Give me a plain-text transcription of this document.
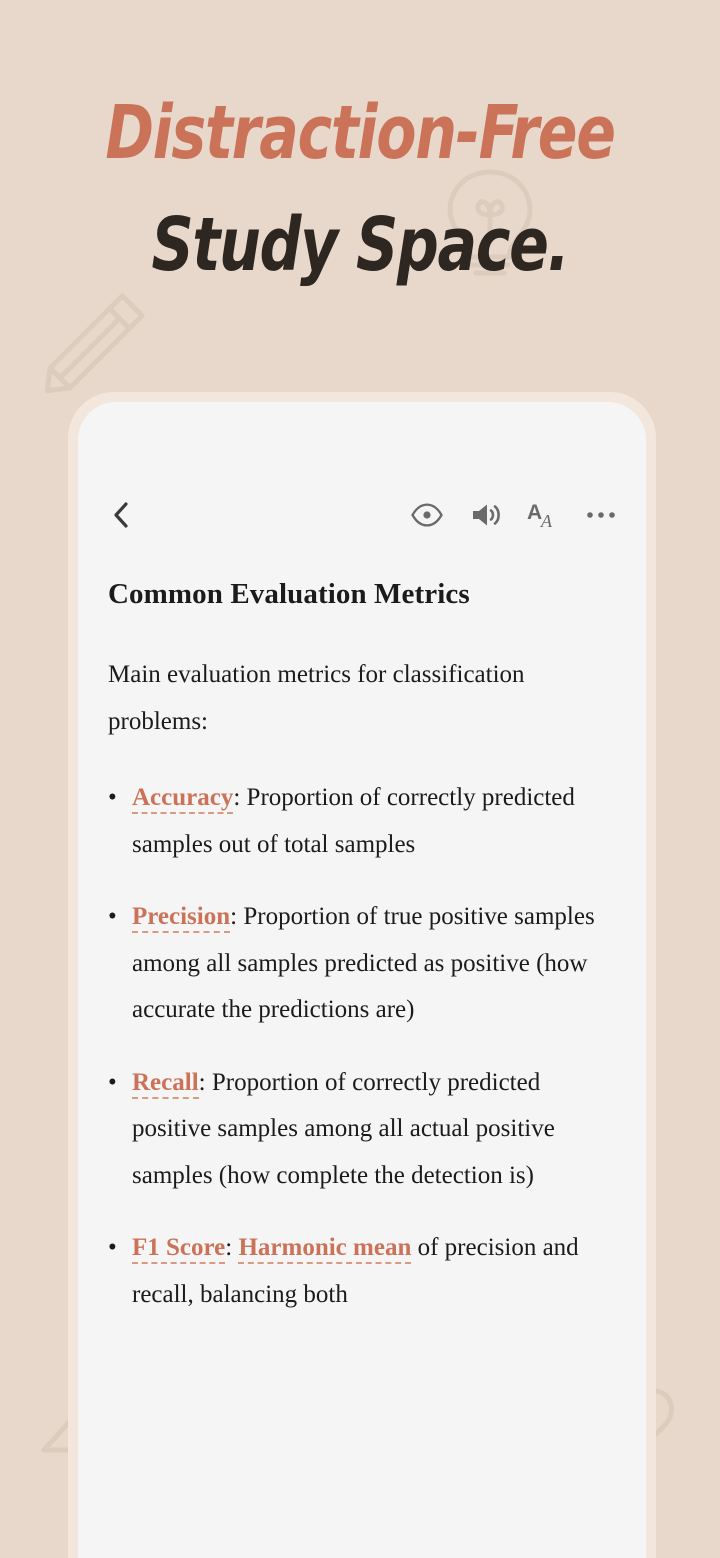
Distraction-Free
Study Space.
A
A
Common Evaluation Metrics

Main evaluation metrics for classification problems:

• Accuracy: Proportion of correctly predicted samples out of total samples
• Precision: Proportion of true positive samples among all samples predicted as positive (how accurate the predictions are)
• Recall: Proportion of correctly predicted positive samples among all actual positive samples (how complete the detection is)
• F1 Score: Harmonic mean of precision and recall, balancing both
